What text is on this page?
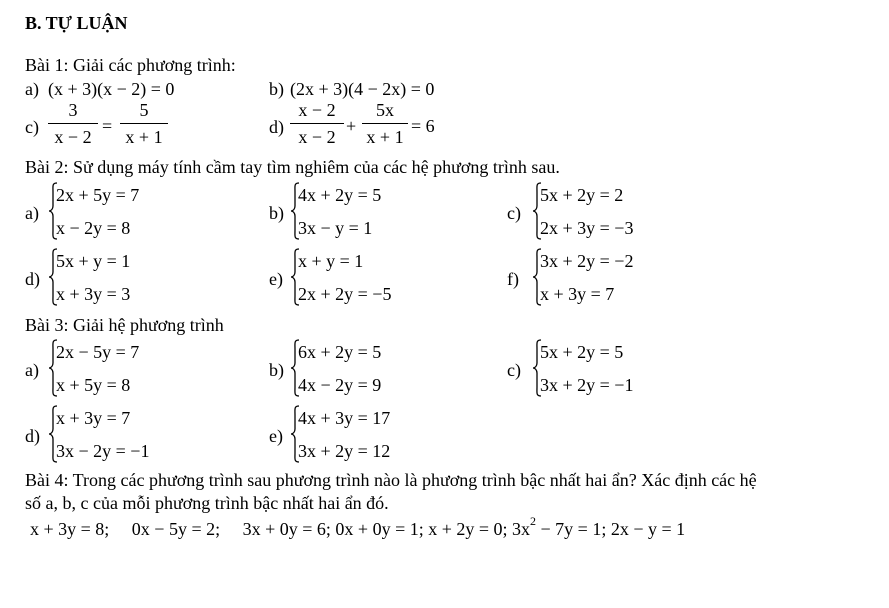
B. TỰ LUẬN
Bài 1: Giải các phương trình:
a) (x + 3)(x − 2) = 0	b) (2x + 3)(4 − 2x) = 0
c)
3
x − 2
=
5
x + 1	d)
x − 2
x − 2
+
5x
x + 1
= 6
Bài 2: Sử dụng máy tính cầm tay tìm nghiêm của các hệ phương trình sau.
a)
2x + 5y = 7
x − 2y = 8
b)
4x + 2y = 5
3x − y = 1
c)
5x + 2y = 2
2x + 3y = −3
d)
5x + y = 1
x + 3y = 3
e)
x + y = 1
2x + 2y = −5
f)
3x + 2y = −2
x + 3y = 7
Bài 3: Giải hệ phương trình
a)
2x − 5y = 7
x + 5y = 8
b)
6x + 2y = 5
4x − 2y = 9
c)
5x + 2y = 5
3x + 2y = −1
d)
x + 3y = 7
3x − 2y = −1
e)
4x + 3y = 17
3x + 2y = 12
Bài 4: Trong các phương trình sau phương trình nào là phương trình bậc nhất hai ẩn? Xác định các hệ
số a, b, c của mỗi phương trình bậc nhất hai ẩn đó.
x + 3y = 8;     0x − 5y = 2;     3x + 0y = 6; 0x + 0y = 1; x + 2y = 0; $3x^2 - 7y = 1$; 2x − y = 1
